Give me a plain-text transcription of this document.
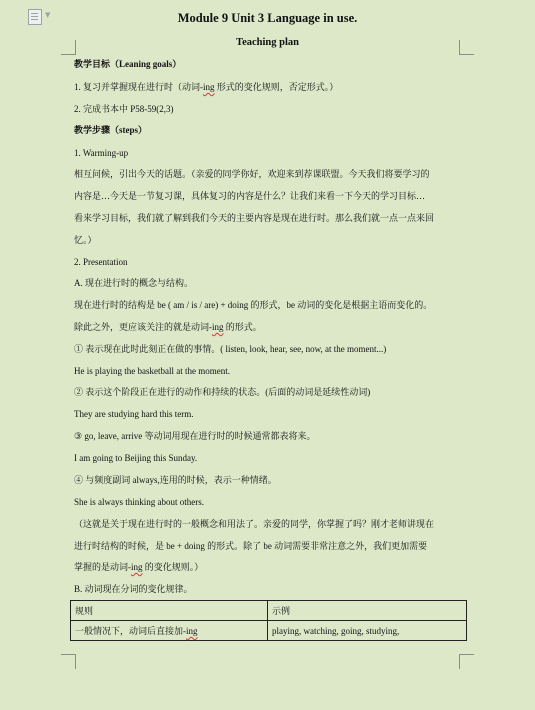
▼	Module 9 Unit 3 Language in use.
Teaching plan
教学目标（Leaning goals）
1. 复习并掌握现在进行时（动词-ing 形式的变化规则，否定形式。）
2. 完成书本中 P58-59(2,3)
教学步骤（steps）
1. Warming-up
相互问候，引出今天的话题。（亲爱的同学你好，欢迎来到荐课联盟。今天我们将要学习的
内容是…今天是一节复习课，具体复习的内容是什么？让我们来看一下今天的学习目标…
看来学习目标，我们就了解到我们今天的主要内容是现在进行时。那么我们就一点一点来回
忆。）
2. Presentation
A. 现在进行时的概念与结构。
现在进行时的结构是 be ( am / is / are) + doing 的形式，be 动词的变化是根据主语而变化的。
除此之外，更应该关注的就是动词-ing 的形式。
① 表示现在此时此刻正在做的事情。( listen, look, hear, see, now, at the moment...)
He is playing the basketball at the moment.
② 表示这个阶段正在进行的动作和持续的状态。(后面的动词是延续性动词)
They are studying hard this term.
③ go, leave, arrive 等动词用现在进行时的时候通常都表将来。
I am going to Beijing this Sunday.
④ 与频度副词 always,连用的时候，表示一种情绪。
She is always thinking about others.
（这就是关于现在进行时的一般概念和用法了。亲爱的同学，你掌握了吗？刚才老师讲现在
进行时结构的时候，是 be + doing 的形式。除了 be 动词需要非常注意之外，我们更加需要
掌握的是动词-ing 的变化规则。）
B. 动词现在分词的变化规律。
规则	示例
一般情况下，动词后直接加-ing	playing, watching, going, studying,
